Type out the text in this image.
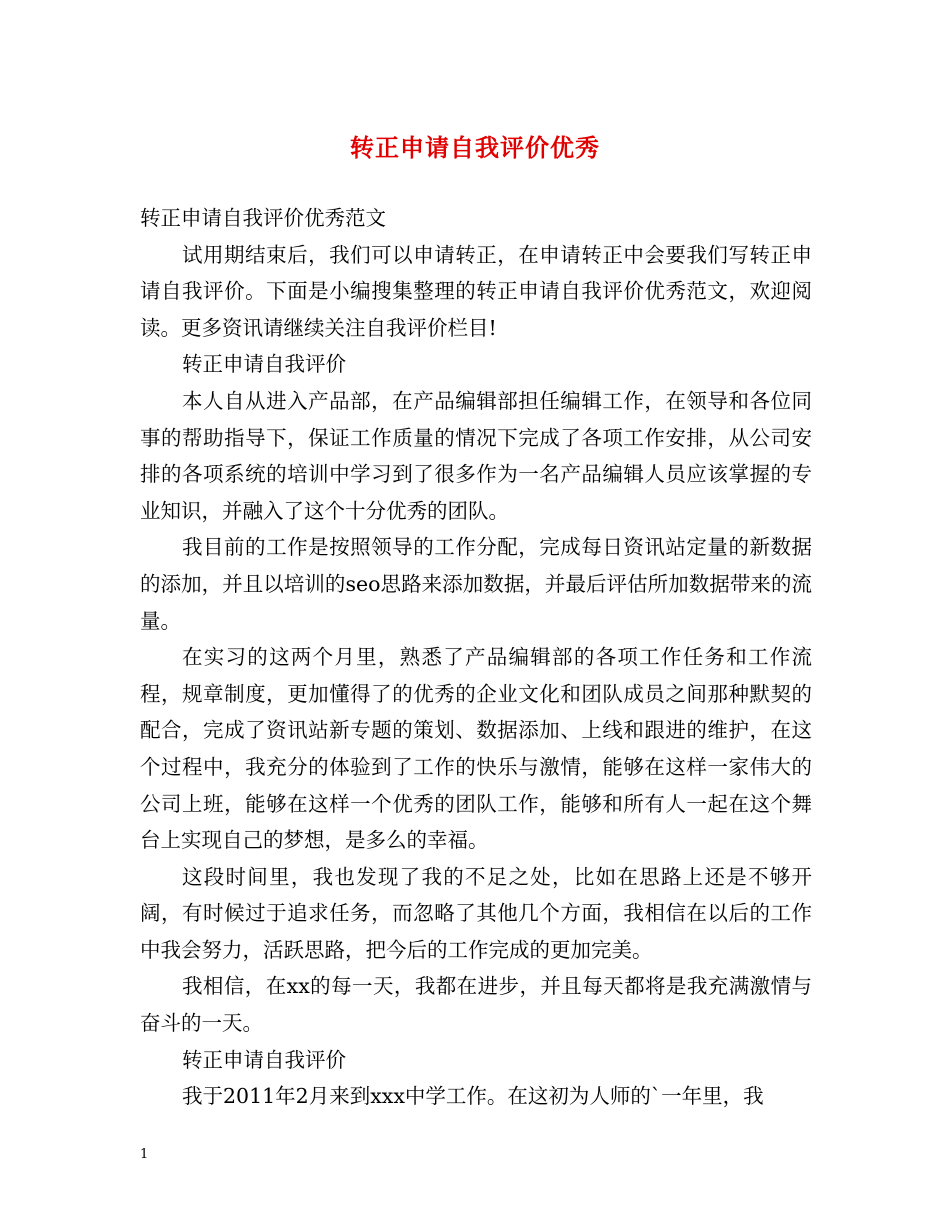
转正申请自我评价优秀

转正申请自我评价优秀范文

试用期结束后，我们可以申请转正，在申请转正中会要我们写转正申请自我评价。下面是小编搜集整理的转正申请自我评价优秀范文，欢迎阅读。更多资讯请继续关注自我评价栏目!

转正申请自我评价

本人自从进入产品部，在产品编辑部担任编辑工作，在领导和各位同事的帮助指导下，保证工作质量的情况下完成了各项工作安排，从公司安排的各项系统的培训中学习到了很多作为一名产品编辑人员应该掌握的专业知识，并融入了这个十分优秀的团队。

我目前的工作是按照领导的工作分配，完成每日资讯站定量的新数据的添加，并且以培训的seo思路来添加数据，并最后评估所加数据带来的流量。

在实习的这两个月里，熟悉了产品编辑部的各项工作任务和工作流程，规章制度，更加懂得了的优秀的企业文化和团队成员之间那种默契的配合，完成了资讯站新专题的策划、数据添加、上线和跟进的维护，在这个过程中，我充分的体验到了工作的快乐与激情，能够在这样一家伟大的公司上班，能够在这样一个优秀的团队工作，能够和所有人一起在这个舞台上实现自己的梦想，是多么的幸福。

这段时间里，我也发现了我的不足之处，比如在思路上还是不够开阔，有时候过于追求任务，而忽略了其他几个方面，我相信在以后的工作中我会努力，活跃思路，把今后的工作完成的更加完美。

我相信，在xx的每一天，我都在进步，并且每天都将是我充满激情与奋斗的一天。

转正申请自我评价

我于2011年2月来到xxx中学工作。在这初为人师的`一年里，我

1
